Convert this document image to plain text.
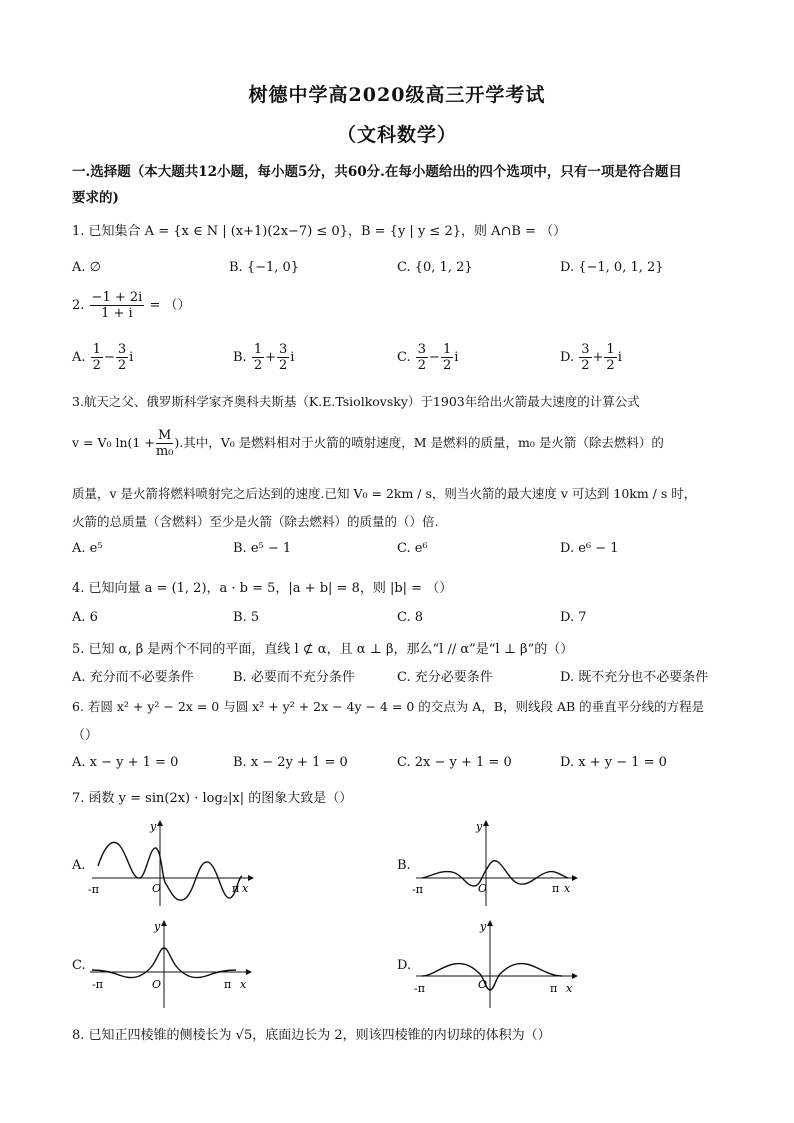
树德中学高2020级高三开学考试
（文科数学）
一.选择题（本大题共12小题，每小题5分，共60分.在每小题给出的四个选项中，只有一项是符合题目
要求的)
1. 已知集合 A = {x ∈ N | (x+1)(2x−7) ≤ 0}，B = {y | y ≤ 2}，则 A∩B = （）
A. ∅	B. {−1, 0}	C. {0, 1, 2}	D. {−1, 0, 1, 2}
2. $\frac{-1 + 2i}{1 + i}$ = （）
A. $\frac{1}{2} - \frac{3}{2}$ i	B. $\frac{1}{2} + \frac{3}{2}$ i	C. $\frac{3}{2} - \frac{1}{2}$ i	D. $\frac{3}{2} + \frac{1}{2}$ i
3.航天之父、俄罗斯科学家齐奥科夫斯基（K.E.Tsiolkovsky）于1903年给出火箭最大速度的计算公式
v = V₀ $\ln(1 + \frac{M}{\text{m₀}}$ ).其中，V₀ 是燃料相对于火箭的喷射速度，M 是燃料的质量，m₀ 是火箭（除去燃料）的
质量，v 是火箭将燃料喷射完之后达到的速度.已知 V₀ = 2km / s，则当火箭的最大速度 v 可达到 10km / s 时，
火箭的总质量（含燃料）至少是火箭（除去燃料）的质量的（）倍.
A. e⁵	B. e⁵ − 1	C. e⁶	D. e⁶ − 1
4. 已知向量 a = (1, 2)，a · b = 5，|a + b| = 8，则 |b| = （）
A. 6	B. 5	C. 8	D. 7
5. 已知 α, β 是两个不同的平面，直线 l ⊄ α，且 α ⊥ β，那么“l // α”是“l ⊥ β”的（）
A. 充分而不必要条件	B. 必要而不充分条件	C. 充分必要条件	D. 既不充分也不必要条件
6. 若圆 x² + y² − 2x = 0 与圆 x² + y² + 2x − 4y − 4 = 0 的交点为 A，B，则线段 AB 的垂直平分线的方程是
（）
A. x − y + 1 = 0	B. x − 2y + 1 = 0	C. 2x − y + 1 = 0	D. x + y − 1 = 0
7. 函数 y = sin(2x) · log₂|x| 的图象大致是（）
A.
-π	O	π x
y
B.
-π	O	π x
y
C.
-π	O	π x
y
D.
-π	O	π x
y
8. 已知正四棱锥的侧棱长为 √5，底面边长为 2，则该四棱锥的内切球的体积为（）
